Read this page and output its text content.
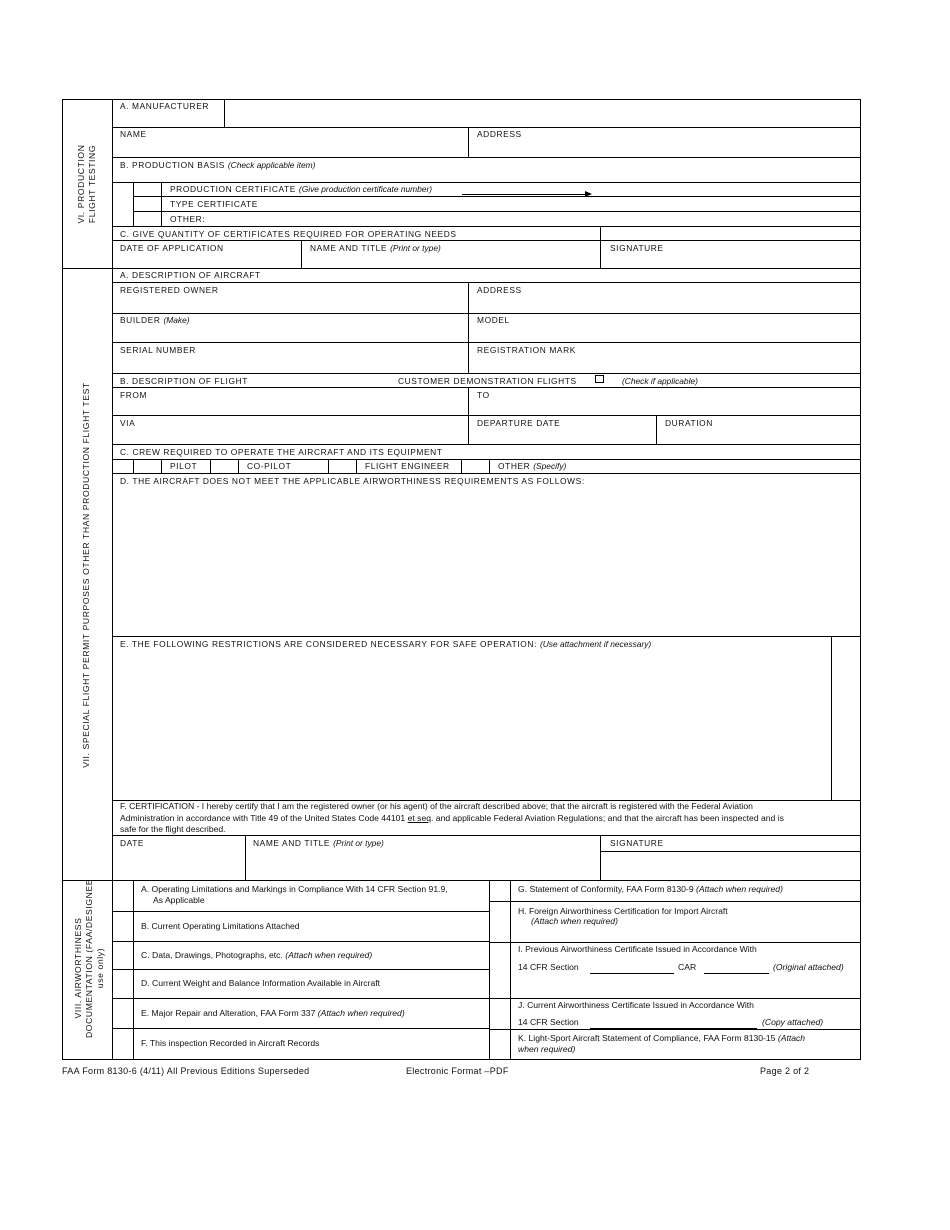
VI. PRODUCTION
FLIGHT TESTING
VII. SPECIAL FLIGHT PERMIT PURPOSES OTHER THAN PRODUCTION FLIGHT TEST
VIII. AIRWORTHINESS
DOCUMENTATION (FAA/DESIGNEE
use only)
A. MANUFACTURER
NAME	ADDRESS
B. PRODUCTION BASIS (Check applicable item)
PRODUCTION CERTIFICATE (Give production certificate number)
TYPE CERTIFICATE
OTHER:
C. GIVE QUANTITY OF CERTIFICATES REQUIRED FOR OPERATING NEEDS
DATE OF APPLICATION	NAME AND TITLE (Print or type)	SIGNATURE
A. DESCRIPTION OF AIRCRAFT
REGISTERED OWNER	ADDRESS
BUILDER (Make)	MODEL
SERIAL NUMBER	REGISTRATION MARK
B. DESCRIPTION OF FLIGHT	CUSTOMER DEMONSTRATION FLIGHTS	(Check if applicable)
FROM	TO
VIA	DEPARTURE DATE	DURATION
C. CREW REQUIRED TO OPERATE THE AIRCRAFT AND ITS EQUIPMENT
PILOT	CO-PILOT	FLIGHT ENGINEER	OTHER (Specify)
D. THE AIRCRAFT DOES NOT MEET THE APPLICABLE AIRWORTHINESS REQUIREMENTS AS FOLLOWS:
E. THE FOLLOWING RESTRICTIONS ARE CONSIDERED NECESSARY FOR SAFE OPERATION: (Use attachment if necessary)
F. CERTIFICATION - I hereby certify that I am the registered owner (or his agent) of the aircraft described above; that the aircraft is registered with the Federal Aviation
Administration in accordance with Title 49 of the United States Code 44101 et seq. and applicable Federal Aviation Regulations; and that the aircraft has been inspected and is
safe for the flight described.
DATE	NAME AND TITLE (Print or type)	SIGNATURE
A. Operating Limitations and Markings in Compliance With 14 CFR Section 91.9,
As Applicable
B. Current Operating Limitations Attached
C. Data, Drawings, Photographs, etc. (Attach when required)
D. Current Weight and Balance Information Available in Aircraft
E. Major Repair and Alteration, FAA Form 337 (Attach when required)
F. This inspection Recorded in Aircraft Records
G. Statement of Conformity, FAA Form 8130-9 (Attach when required)
H. Foreign Airworthiness Certification for Import Aircraft
(Attach when required)
I. Previous Airworthiness Certificate Issued in Accordance With
14 CFR Section	CAR	(Original attached)
J. Current Airworthiness Certificate Issued in Accordance With
14 CFR Section	(Copy attached)
K. Light-Sport Aircraft Statement of Compliance, FAA Form 8130-15 (Attach
when required)
FAA Form 8130-6 (4/11) All Previous Editions Superseded	Electronic Format –PDF	Page 2 of 2
